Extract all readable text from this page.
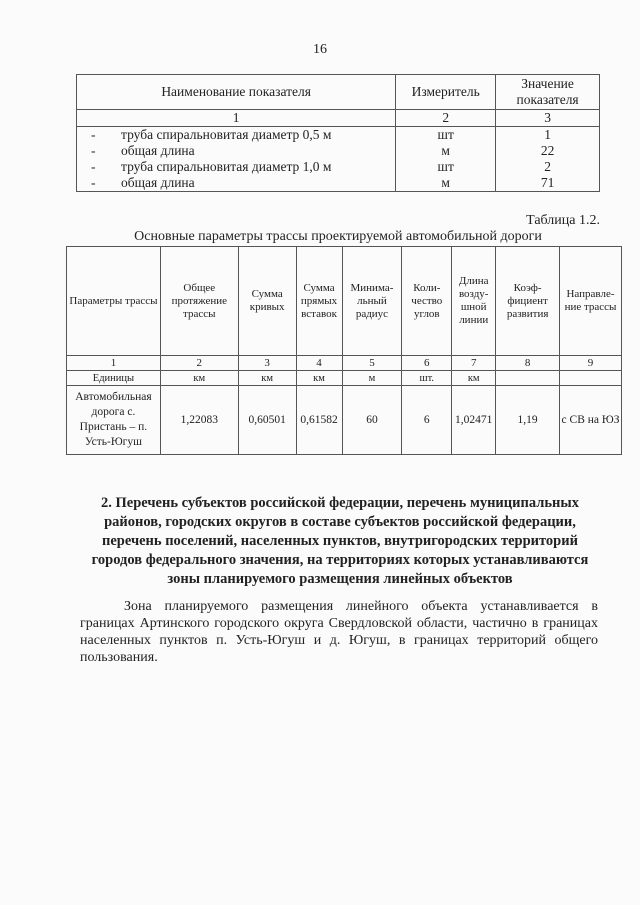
16
Наименование показателя	Измеритель	Значение показателя
1	2	3
- труба спиральновитая диаметр 0,5 м	шт	1
- общая длина	м	22
- труба спиральновитая диаметр 1,0 м	шт	2
- общая длина	м	71
Таблица 1.2.
Основные параметры трассы проектируемой автомобильной дороги
Параметры трассы	Общее протяжение трассы	Сумма кривых	Сумма прямых вставок	Минима-льный радиус	Коли-чество углов	Длина возду-шной линии	Коэф-фициент развития	Направле-ние трассы
1	2	3	4	5	6	7	8	9
Единицы	км	км	км	м	шт.	км		
Автомобильная дорога с. Пристань – п. Усть-Югуш	1,22083	0,60501	0,61582	60	6	1,02471	1,19	с СВ на ЮЗ
2. Перечень субъектов российской федерации, перечень муниципальных районов, городских округов в составе субъектов российской федерации, перечень поселений, населенных пунктов, внутригородских территорий городов федерального значения, на территориях которых устанавливаются зоны планируемого размещения линейных объектов
Зона планируемого размещения линейного объекта устанавливается в границах Артинского городского округа Свердловской области, частично в границах населенных пунктов п. Усть-Югуш и д. Югуш, в границах территорий общего пользования.
